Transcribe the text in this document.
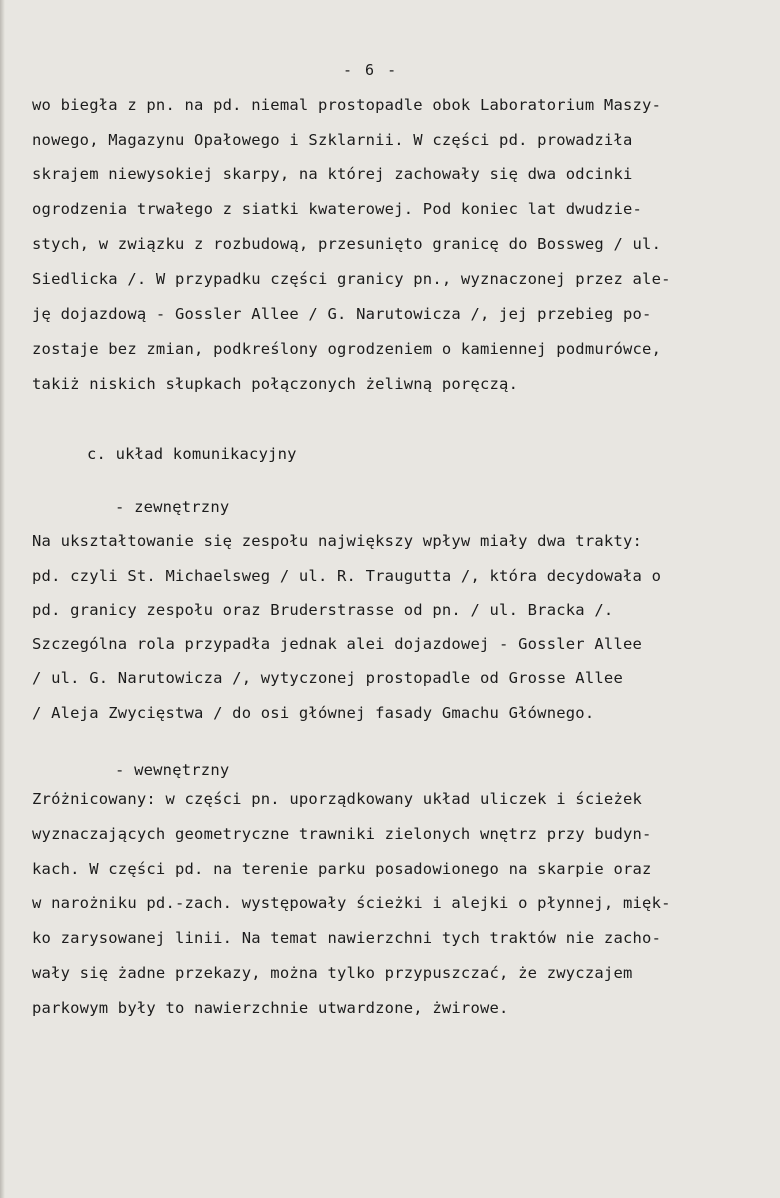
- 6 -
wo biegła z pn. na pd. niemal prostopadle obok Laboratorium Maszy-
nowego, Magazynu Opałowego i Szklarnii. W części pd. prowadziła
skrajem niewysokiej skarpy, na której zachowały się dwa odcinki
ogrodzenia trwałego z siatki kwaterowej. Pod koniec lat dwudzie-
stych, w związku z rozbudową, przesunięto granicę do Bossweg / ul.
Siedlicka /. W przypadku części granicy pn., wyznaczonej przez ale-
ję dojazdową - Gossler Allee / G. Narutowicza /, jej przebieg po-
zostaje bez zmian, podkreślony ogrodzeniem o kamiennej podmurówce,
takiż niskich słupkach połączonych żeliwną poręczą.
c. układ komunikacyjny
- zewnętrzny
Na ukształtowanie się zespołu największy wpływ miały dwa trakty:
pd. czyli St. Michaelsweg / ul. R. Traugutta /, która decydowała o
pd. granicy zespołu oraz Bruderstrasse od pn. / ul. Bracka /.
Szczególna rola przypadła jednak alei dojazdowej - Gossler Allee
/ ul. G. Narutowicza /, wytyczonej prostopadle od Grosse Allee
/ Aleja Zwycięstwa / do osi głównej fasady Gmachu Głównego.
- wewnętrzny
Zróżnicowany: w części pn. uporządkowany układ uliczek i ścieżek
wyznaczających geometryczne trawniki zielonych wnętrz przy budyn-
kach. W części pd. na terenie parku posadowionego na skarpie oraz
w narożniku pd.-zach. występowały ścieżki i alejki o płynnej, mięk-
ko zarysowanej linii. Na temat nawierzchni tych traktów nie zacho-
wały się żadne przekazy, można tylko przypuszczać, że zwyczajem
parkowym były to nawierzchnie utwardzone, żwirowe.
